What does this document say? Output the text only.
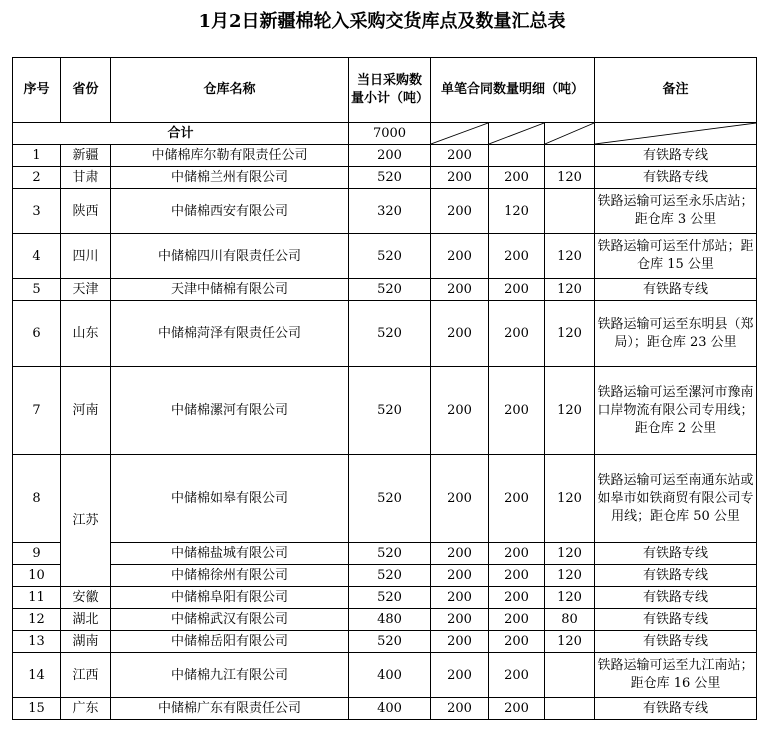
1月2日新疆棉轮入采购交货库点及数量汇总表
序号	省份	仓库名称	当日采购数量小计（吨）	单笔合同数量明细（吨）			备注
合计			7000	

1	新疆	中储棉库尔勒有限责任公司	200	200			有铁路专线
2	甘肃	中储棉兰州有限公司	520	200	200	120	有铁路专线
3	陕西	中储棉西安有限公司	320	200	120		铁路运输可运至永乐店站；距仓库 3 公里
4	四川	中储棉四川有限责任公司	520	200	200	120	铁路运输可运至什邡站；距仓库 15 公里
5	天津	天津中储棉有限公司	520	200	200	120	有铁路专线
6	山东	中储棉菏泽有限责任公司	520	200	200	120	铁路运输可运至东明县（郑局）；距仓库 23 公里
7	河南	中储棉漯河有限公司	520	200	200	120	铁路运输可运至漯河市豫南口岸物流有限公司专用线；距仓库 2 公里
8	江苏	中储棉如皋有限公司	520	200	200	120	铁路运输可运至南通东站或如皋市如铁商贸有限公司专用线；距仓库 50 公里
9		中储棉盐城有限公司	520	200	200	120	有铁路专线
10		中储棉徐州有限公司	520	200	200	120	有铁路专线
11	安徽	中储棉阜阳有限公司	520	200	200	120	有铁路专线
12	湖北	中储棉武汉有限公司	480	200	200	80	有铁路专线
13	湖南	中储棉岳阳有限公司	520	200	200	120	有铁路专线
14	江西	中储棉九江有限公司	400	200	200		铁路运输可运至九江南站；距仓库 16 公里
15	广东	中储棉广东有限责任公司	400	200	200		有铁路专线
